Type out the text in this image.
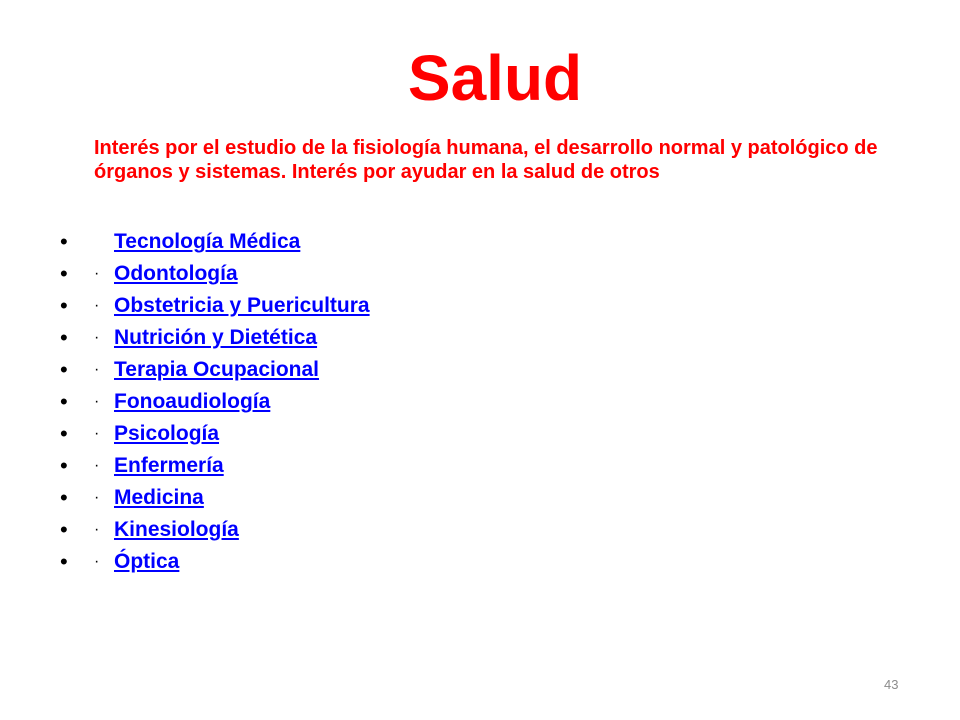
Salud

Interés por el estudio de la fisiología humana, el desarrollo normal y patológico de órganos y sistemas. Interés por ayudar en la salud de otros

•	Tecnología Médica
•	· Odontología
•	· Obstetricia y Puericultura
•	· Nutrición y Dietética
•	· Terapia Ocupacional
•	· Fonoaudiología
•	· Psicología
•	· Enfermería
•	· Medicina
•	· Kinesiología
•	· Óptica
43
